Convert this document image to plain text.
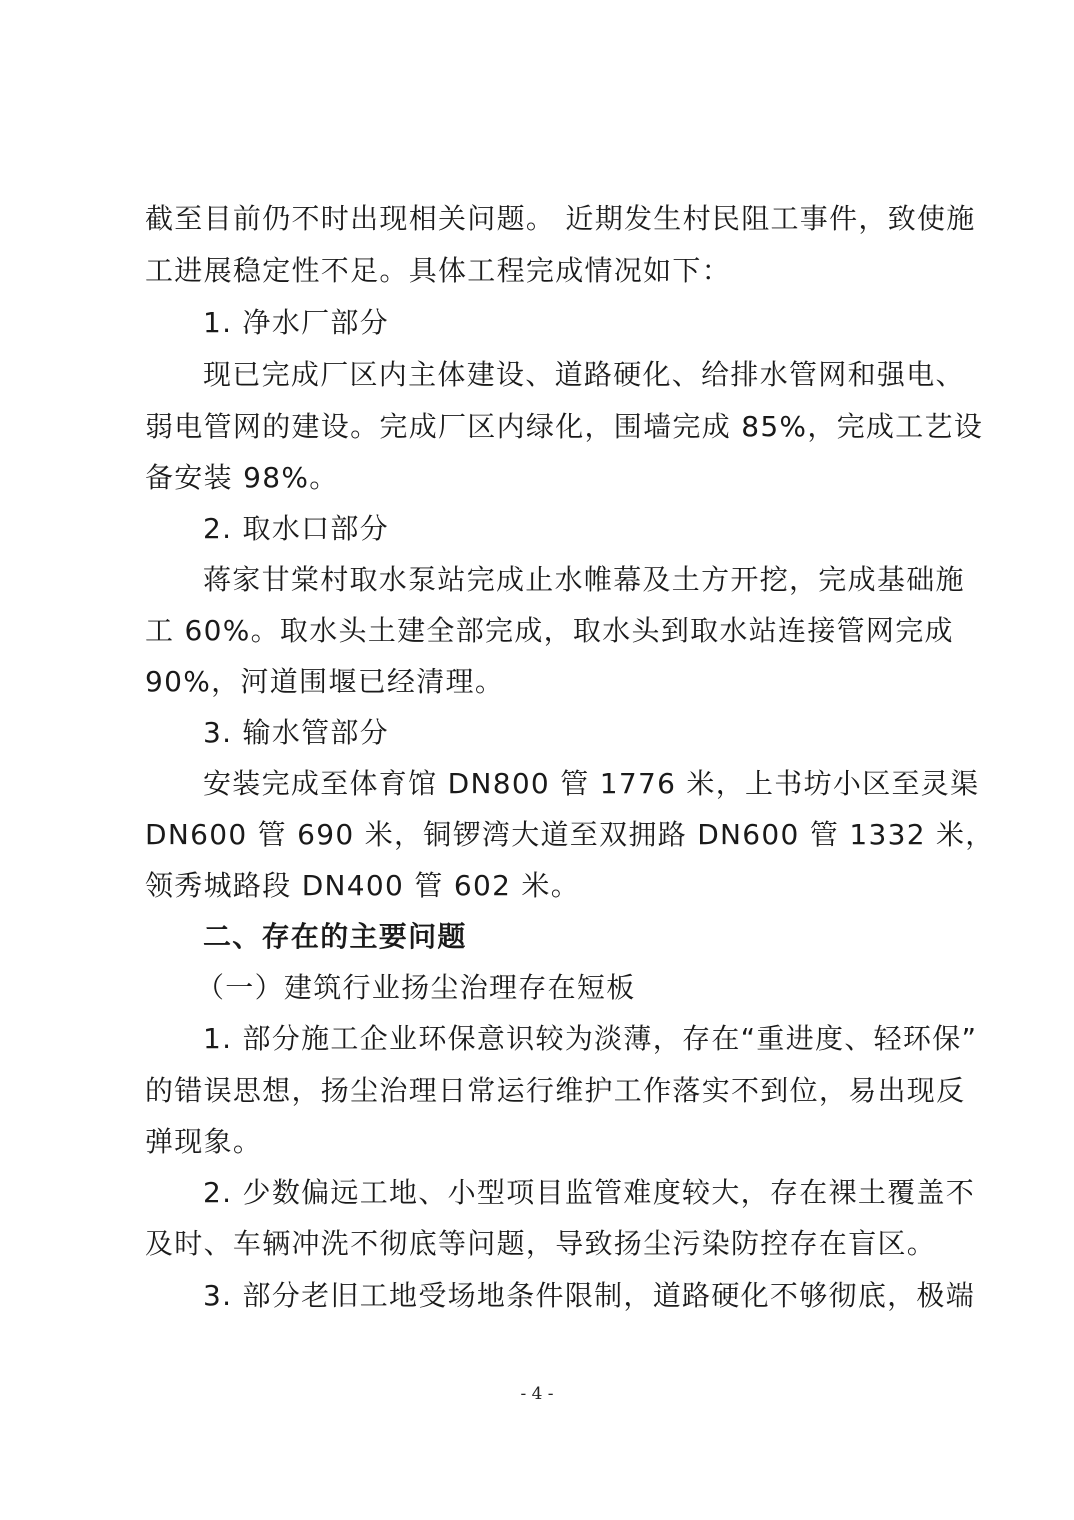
截至目前仍不时出现相关问题。 近期发生村民阻工事件，致使施
工进展稳定性不足。具体工程完成情况如下：
1. 净水厂部分
现已完成厂区内主体建设、道路硬化、给排水管网和强电、
弱电管网的建设。完成厂区内绿化，围墙完成 85%，完成工艺设
备安装 98%。
2. 取水口部分
蒋家甘棠村取水泵站完成止水帷幕及土方开挖，完成基础施
工 60%。取水头土建全部完成，取水头到取水站连接管网完成
90%，河道围堰已经清理。
3. 输水管部分
安装完成至体育馆 DN800 管 1776 米，上书坊小区至灵渠
DN600 管 690 米，铜锣湾大道至双拥路 DN600 管 1332 米，
领秀城路段 DN400 管 602 米。
二、存在的主要问题
（一）建筑行业扬尘治理存在短板
1. 部分施工企业环保意识较为淡薄，存在“重进度、轻环保”
的错误思想，扬尘治理日常运行维护工作落实不到位，易出现反
弹现象。
2. 少数偏远工地、小型项目监管难度较大，存在裸土覆盖不
及时、车辆冲洗不彻底等问题，导致扬尘污染防控存在盲区。
3. 部分老旧工地受场地条件限制，道路硬化不够彻底，极端
- 4 -
